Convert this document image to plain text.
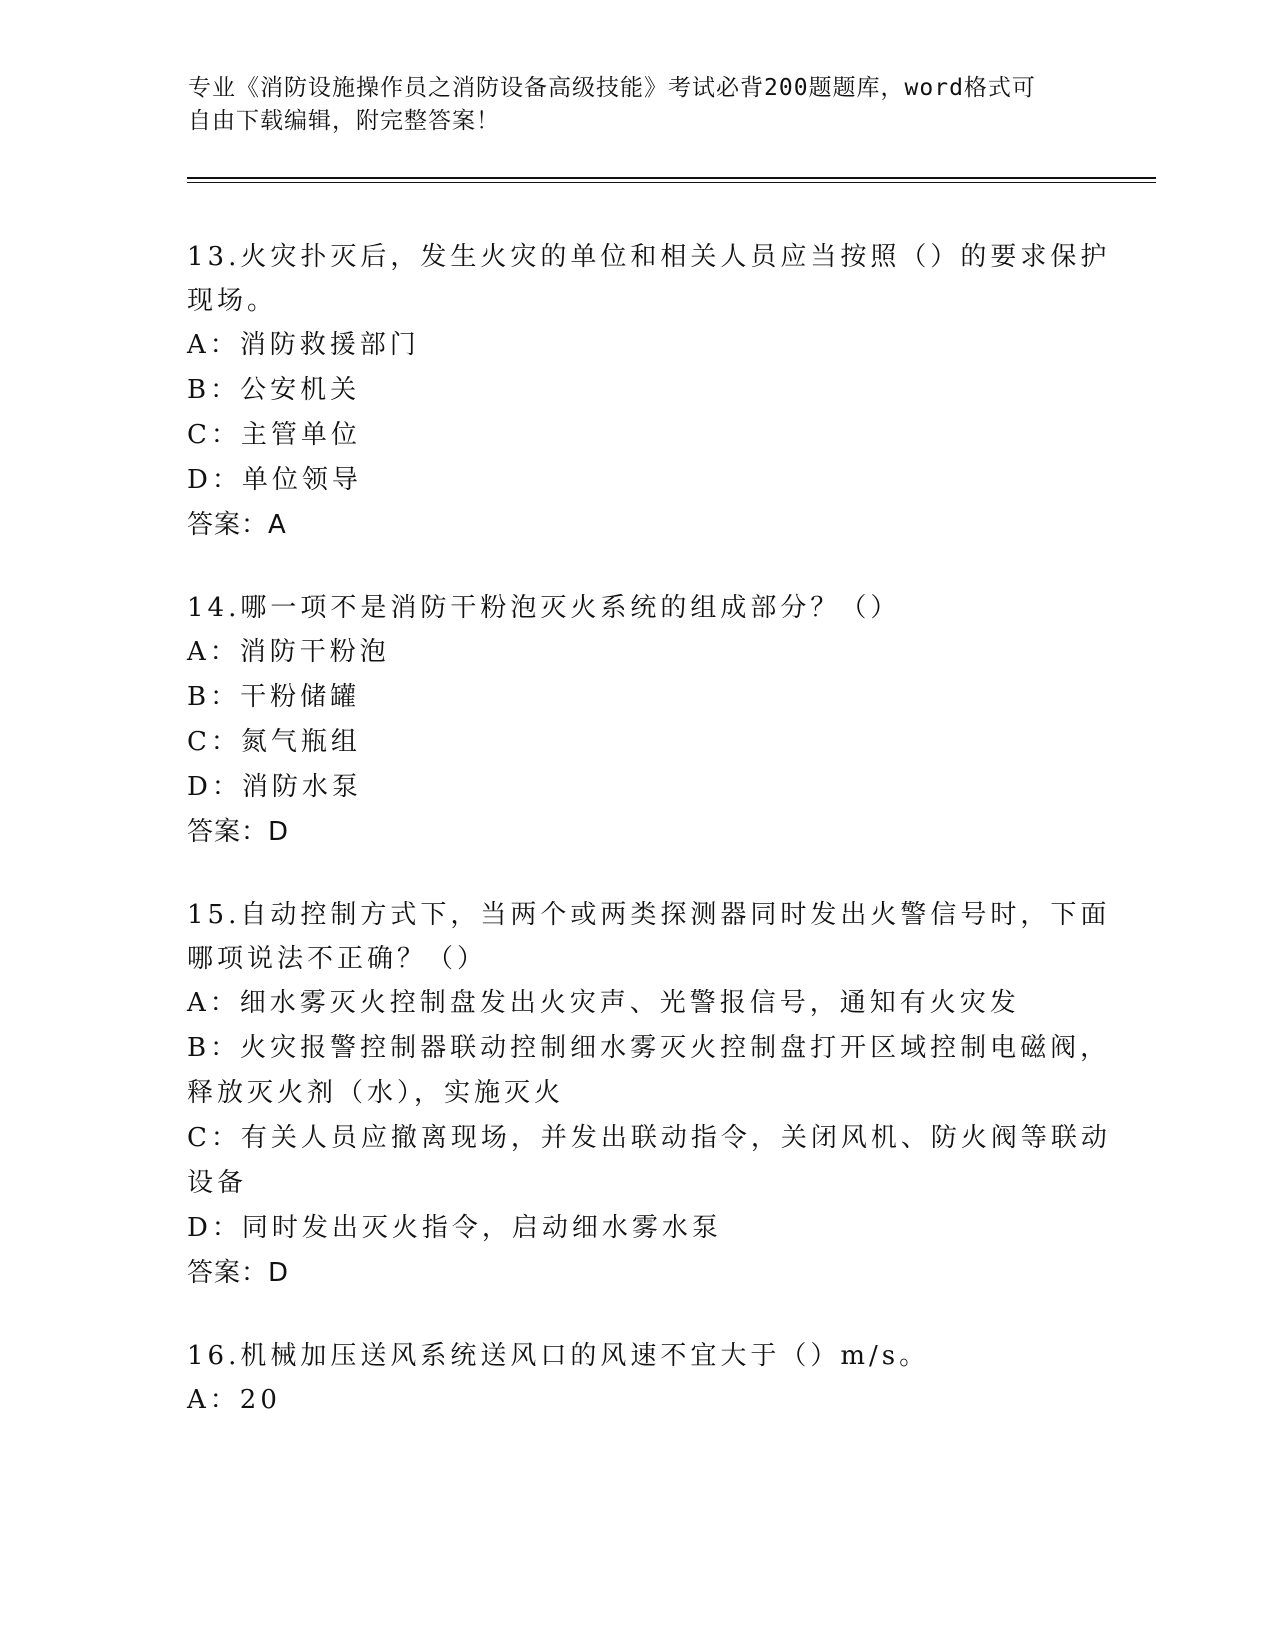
专业《消防设施操作员之消防设备高级技能》考试必背200题题库，word格式可
自由下载编辑，附完整答案！
13.火灾扑灭后，发生火灾的单位和相关人员应当按照（）的要求保护
现场。
A：消防救援部门
B：公安机关
C：主管单位
D：单位领导
答案：A
14.哪一项不是消防干粉泡灭火系统的组成部分？（）
A：消防干粉泡
B：干粉储罐
C：氮气瓶组
D：消防水泵
答案：D
15.自动控制方式下，当两个或两类探测器同时发出火警信号时，下面
哪项说法不正确？（）
A：细水雾灭火控制盘发出火灾声、光警报信号，通知有火灾发
B：火灾报警控制器联动控制细水雾灭火控制盘打开区域控制电磁阀，
释放灭火剂（水），实施灭火
C：有关人员应撤离现场，并发出联动指令，关闭风机、防火阀等联动
设备
D：同时发出灭火指令，启动细水雾水泵
答案：D
16.机械加压送风系统送风口的风速不宜大于（）m/s。
A：20
